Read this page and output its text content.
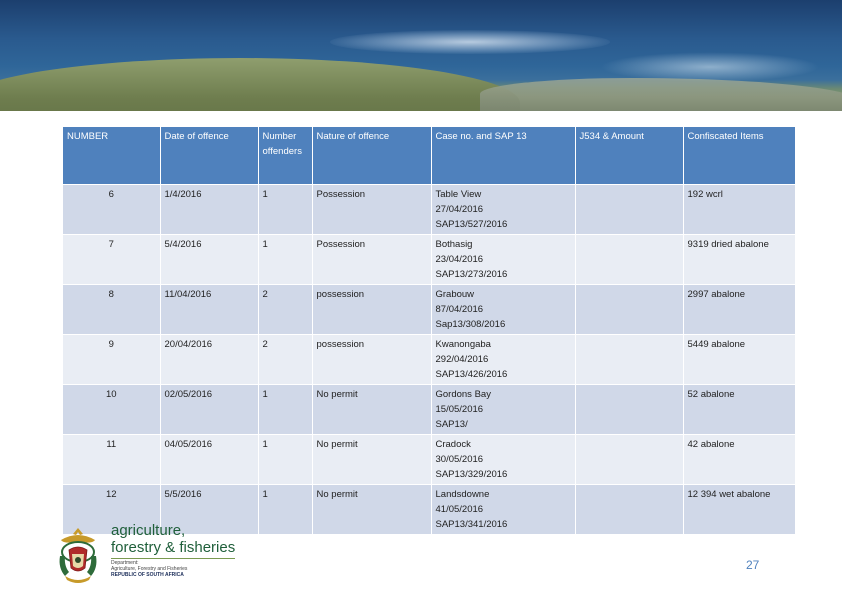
NUMBER	Date of offence	Number offenders	Nature of offence	Case no. and SAP 13	J534 & Amount	Confiscated Items
6	1/4/2016	1	Possession	Table View
27/04/2016
SAP13/527/2016		192 wcrl
7	5/4/2016	1	Possession	Bothasig
23/04/2016
SAP13/273/2016		9319 dried abalone
8	11/04/2016	2	possession	Grabouw
87/04/2016
Sap13/308/2016		2997 abalone
9	20/04/2016	2	possession	Kwanongaba
292/04/2016
SAP13/426/2016		5449 abalone
10	02/05/2016	1	No permit	Gordons Bay
15/05/2016
SAP13/		52 abalone
11	04/05/2016	1	No permit	Cradock
30/05/2016
SAP13/329/2016		42 abalone
12	5/5/2016	1	No permit	Landsdowne
41/05/2016
SAP13/341/2016		12 394 wet abalone
agriculture,
forestry & fisheries
Department:
Agriculture, Forestry and Fisheries
REPUBLIC OF SOUTH AFRICA
27
